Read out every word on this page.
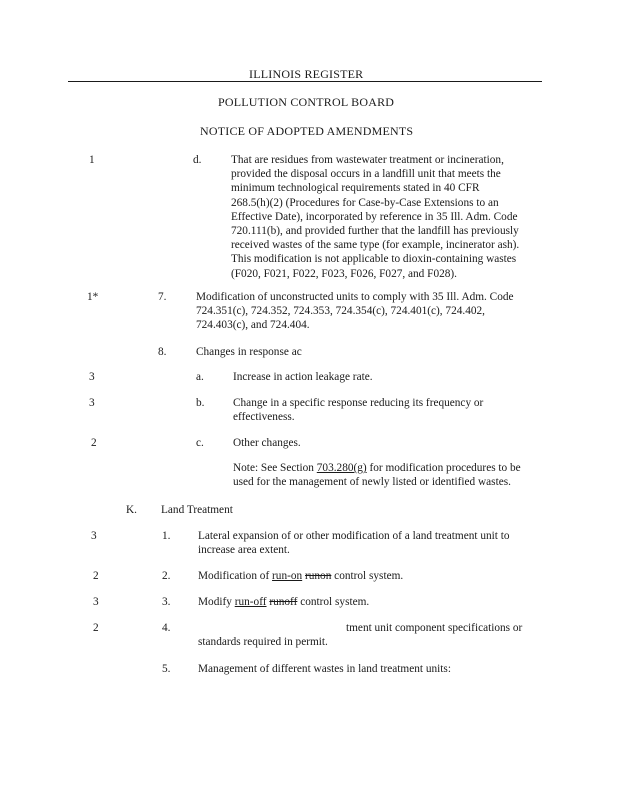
ILLINOIS REGISTER
POLLUTION CONTROL BOARD
NOTICE OF ADOPTED AMENDMENTS
1	d.	That are residues from wastewater treatment or incineration,
provided the disposal occurs in a landfill unit that meets the
minimum technological requirements stated in 40 CFR
268.5(h)(2) (Procedures for Case-by-Case Extensions to an
Effective Date), incorporated by reference in 35 Ill. Adm. Code
720.111(b), and provided further that the landfill has previously
received wastes of the same type (for example, incinerator ash).
This modification is not applicable to dioxin-containing wastes
(F020, F021, F022, F023, F026, F027, and F028).
1*	7.	Modification of unconstructed units to comply with 35 Ill. Adm. Code
724.351(c), 724.352, 724.353, 724.354(c), 724.401(c), 724.402,
724.403(c), and 724.404.
8.	Changes in response ac
3	a.	Increase in action leakage rate.
3	b.	Change in a specific response reducing its frequency or
effectiveness.
2	c.	Other changes.
Note: See Section 703.280(g) for modification procedures to be
used for the management of newly listed or identified wastes.
K. Land Treatment
3	1. Lateral expansion of or other modification of a land treatment unit to
increase area extent.
2	2. Modification of run-on runon control system.
3	3. Modify run-off runoff control system.
2	4.	tment unit component specifications or
standards required in permit.
5. Management of different wastes in land treatment units:
